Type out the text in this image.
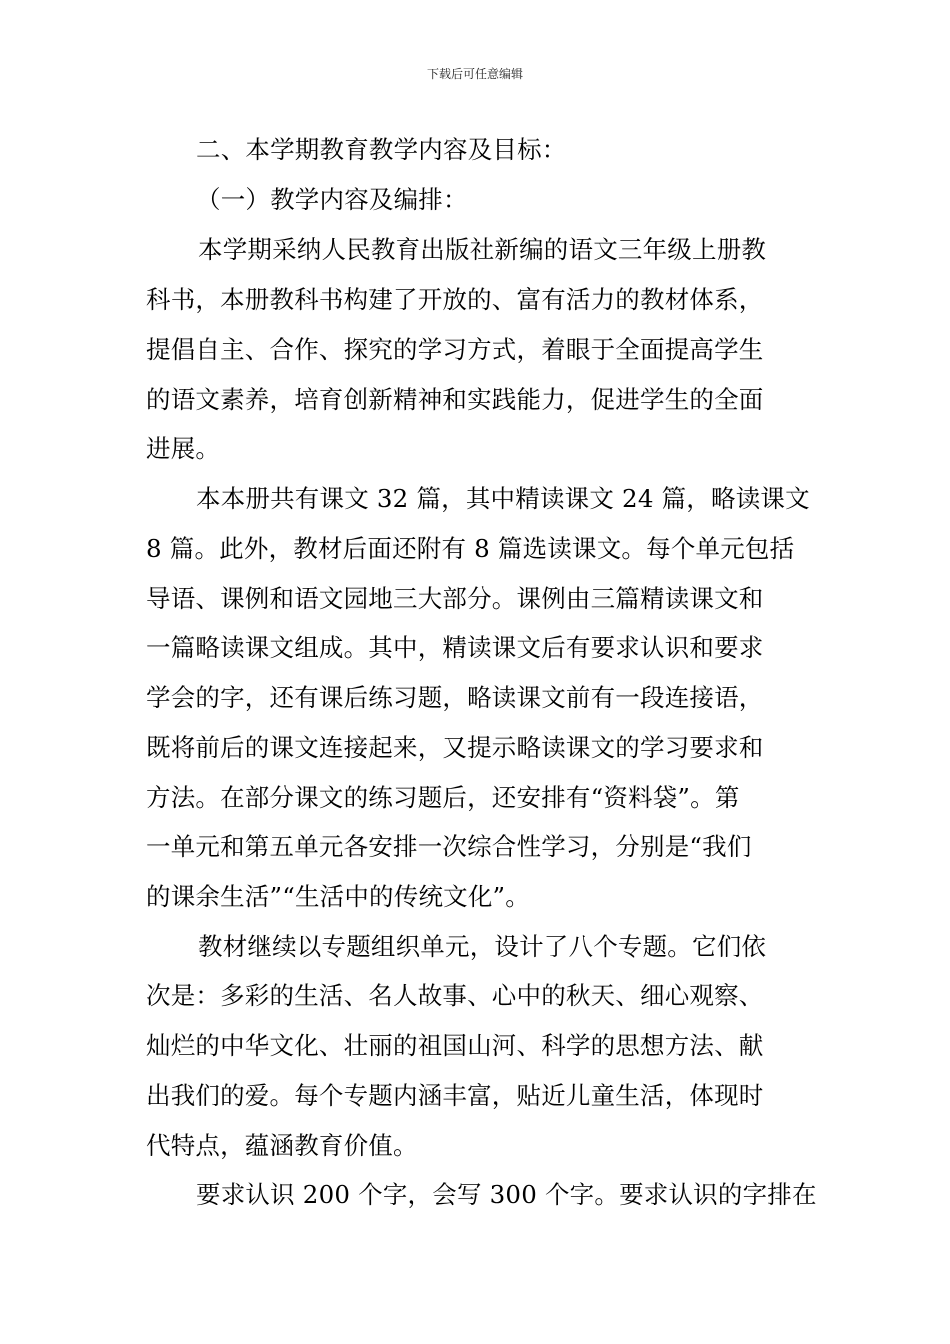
下载后可任意编辑
二、本学期教育教学内容及目标：
（一）教学内容及编排：
本学期采纳人民教育出版社新编的语文三年级上册教
科书，本册教科书构建了开放的、富有活力的教材体系，
提倡自主、合作、探究的学习方式，着眼于全面提高学生
的语文素养，培育创新精神和实践能力，促进学生的全面
进展。
本本册共有课文 32 篇，其中精读课文 24 篇，略读课文
8 篇。此外，教材后面还附有 8 篇选读课文。每个单元包括
导语、课例和语文园地三大部分。课例由三篇精读课文和
一篇略读课文组成。其中，精读课文后有要求认识和要求
学会的字，还有课后练习题，略读课文前有一段连接语，
既将前后的课文连接起来，又提示略读课文的学习要求和
方法。在部分课文的练习题后，还安排有“资料袋”。第
一单元和第五单元各安排一次综合性学习，分别是“我们
的课余生活”“生活中的传统文化”。
教材继续以专题组织单元，设计了八个专题。它们依
次是：多彩的生活、名人故事、心中的秋天、细心观察、
灿烂的中华文化、壮丽的祖国山河、科学的思想方法、献
出我们的爱。每个专题内涵丰富，贴近儿童生活，体现时
代特点，蕴涵教育价值。
要求认识 200 个字，会写 300 个字。要求认识的字排在
